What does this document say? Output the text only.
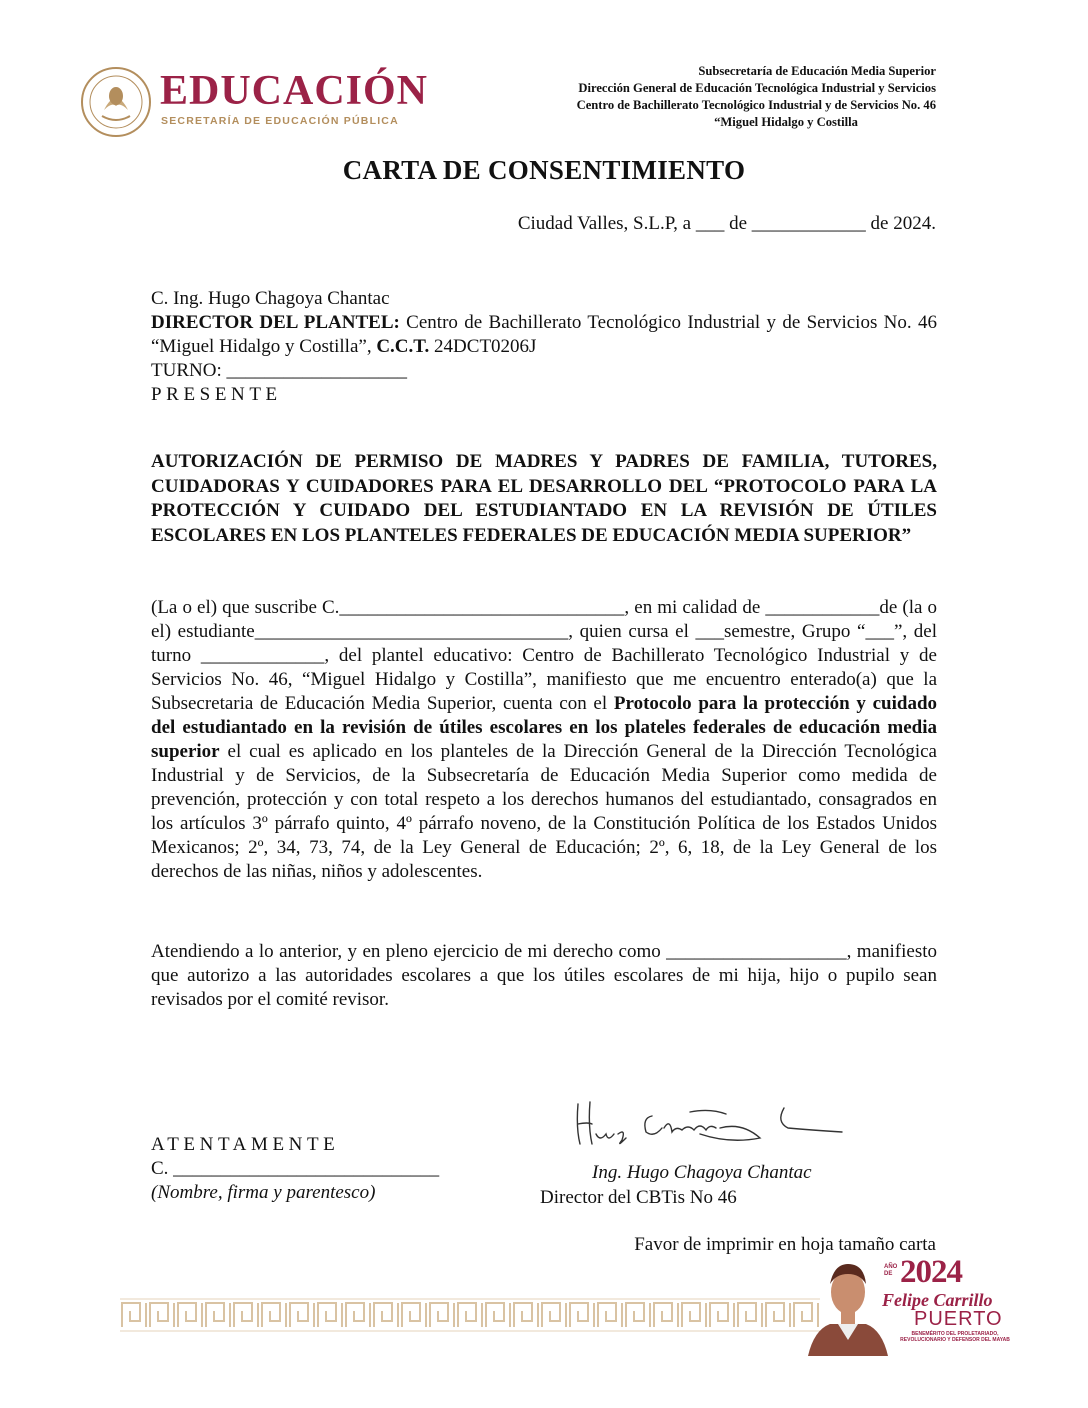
EDUCACIÓN
SECRETARÍA DE EDUCACIÓN PÚBLICA
Subsecretaría de Educación Media Superior
Dirección General de Educación Tecnológica Industrial y Servicios
Centro de Bachillerato Tecnológico Industrial y de Servicios No. 46
“Miguel Hidalgo y Costilla
CARTA DE CONSENTIMIENTO
Ciudad Valles, S.L.P, a ___ de ____________ de 2024.
C. Ing. Hugo Chagoya Chantac
DIRECTOR DEL PLANTEL: Centro de Bachillerato Tecnológico Industrial y de Servicios No. 46 “Miguel Hidalgo y Costilla”, C.C.T. 24DCT0206J
TURNO: ___________________
PRESENTE
AUTORIZACIÓN DE PERMISO DE MADRES Y PADRES DE FAMILIA, TUTORES, CUIDADORAS Y CUIDADORES PARA EL DESARROLLO DEL “PROTOCOLO PARA LA PROTECCIÓN Y CUIDADO DEL ESTUDIANTADO EN LA REVISIÓN DE ÚTILES ESCOLARES EN LOS PLANTELES FEDERALES DE EDUCACIÓN MEDIA SUPERIOR”
(La o el) que suscribe C.______________________________, en mi calidad de ____________de (la o el) estudiante_________________________________, quien cursa el ___semestre, Grupo “___”, del turno _____________, del plantel educativo: Centro de Bachillerato Tecnológico Industrial y de Servicios No. 46, “Miguel Hidalgo y Costilla”, manifiesto que me encuentro enterado(a) que la Subsecretaria de Educación Media Superior, cuenta con el Protocolo para la protección y cuidado del estudiantado en la revisión de útiles escolares en los plateles federales de educación media superior el cual es aplicado en los planteles de la Dirección General de la Dirección Tecnológica Industrial y de Servicios, de la Subsecretaría de Educación Media Superior como medida de prevención, protección y con total respeto a los derechos humanos del estudiantado, consagrados en los artículos 3º párrafo quinto, 4º párrafo noveno, de la Constitución Política de los Estados Unidos Mexicanos; 2º, 34, 73, 74, de la Ley General de Educación; 2º, 6, 18, de la Ley General de los derechos de las niñas, niños y adolescentes.
Atendiendo a lo anterior, y en pleno ejercicio de mi derecho como ___________________, manifiesto que autorizo a las autoridades escolares a que los útiles escolares de mi hija, hijo o pupilo sean revisados por el comité revisor.
ATENTAMENTE
C. ____________________________
(Nombre, firma y parentesco)
Ing. Hugo Chagoya Chantac
Director del CBTis No 46
Favor de imprimir en hoja tamaño carta
AÑO DE 2024
Felipe Carrillo
PUERTO
BENEMÉRITO DEL PROLETARIADO, REVOLUCIONARIO Y DEFENSOR DEL MAYAB
